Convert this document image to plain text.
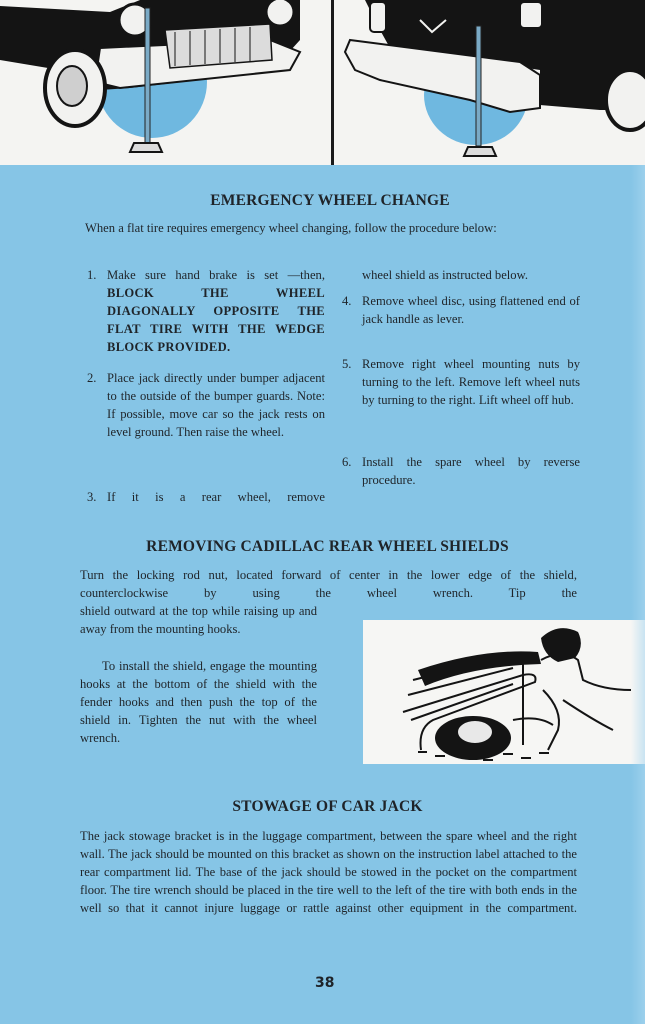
EMERGENCY WHEEL CHANGE

When a flat tire requires emergency wheel changing, follow the procedure below:

1. Make sure hand brake is set —then, BLOCK THE WHEEL DIAGONALLY OPPOSITE THE FLAT TIRE WITH THE WEDGE BLOCK PROVIDED.
2. Place jack directly under bumper adjacent to the outside of the bumper guards. Note: If possible, move car so the jack rests on level ground. Then raise the wheel.
3. If it is a rear wheel, remove
wheel shield as instructed below.
4. Remove wheel disc, using flattened end of jack handle as lever.
5. Remove right wheel mounting nuts by turning to the left. Remove left wheel nuts by turning to the right. Lift wheel off hub.
6. Install the spare wheel by reverse procedure.
REMOVING CADILLAC REAR WHEEL SHIELDS

Turn the locking rod nut, located forward of center in the lower edge of the shield, counterclockwise by using the wheel wrench. Tip the

shield outward at the top while raising up and away from the mounting hooks.

To install the shield, engage the mounting hooks at the bottom of the shield with the fender hooks and then push the top of the shield in. Tighten the nut with the wheel wrench.

STOWAGE OF CAR JACK

The jack stowage bracket is in the luggage compartment, between the spare wheel and the right wall. The jack should be mounted on this bracket as shown on the instruction label attached to the rear compartment lid. The base of the jack should be stowed in the pocket on the compartment floor. The tire wrench should be placed in the tire well to the left of the tire with both ends in the well so that it cannot injure luggage or rattle against other equipment in the compartment.

38
